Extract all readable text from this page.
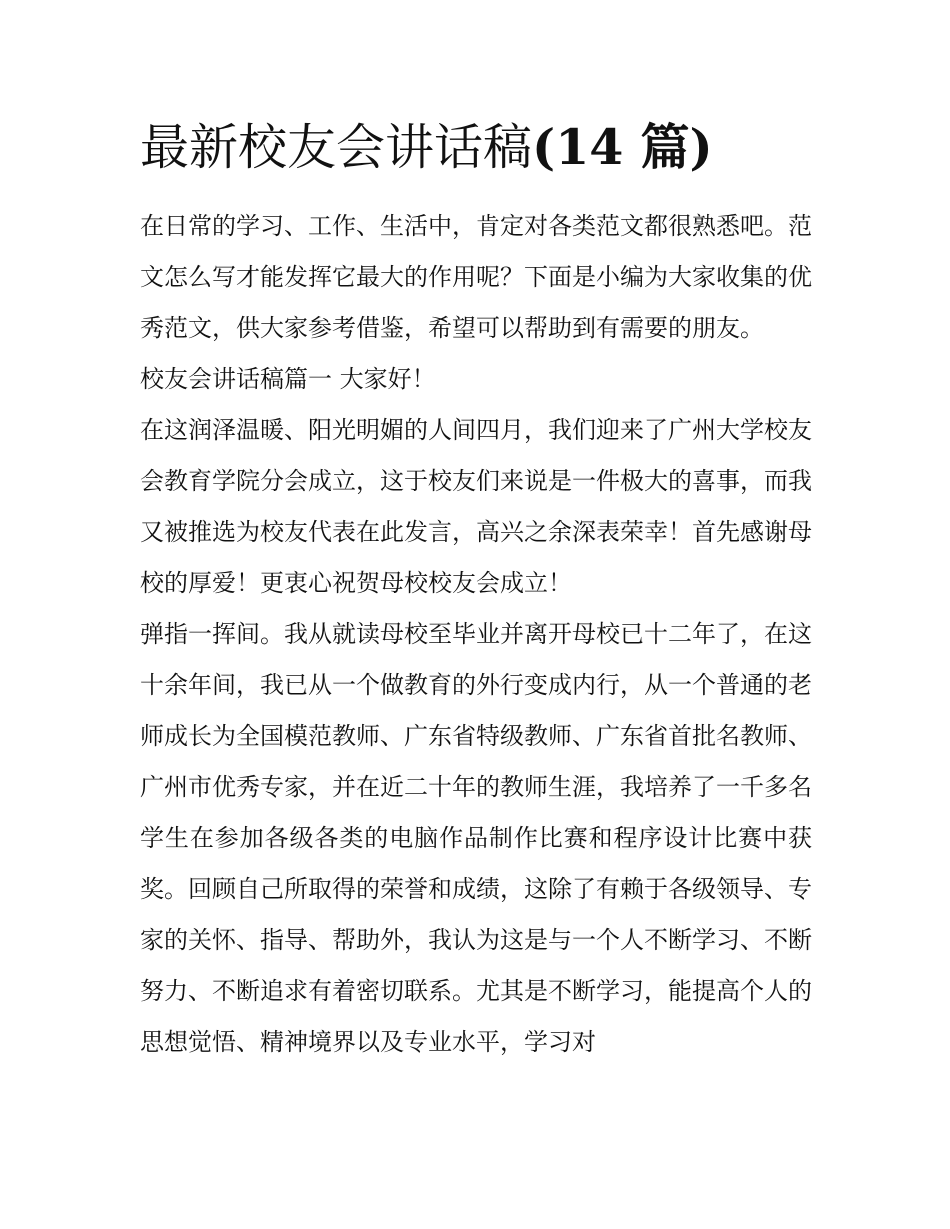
最新校友会讲话稿(14 篇)

在日常的学习、工作、生活中，肯定对各类范文都很熟悉吧。范文怎么写才能发挥它最大的作用呢？下面是小编为大家收集的优秀范文，供大家参考借鉴，希望可以帮助到有需要的朋友。

校友会讲话稿篇一 大家好！

在这润泽温暖、阳光明媚的人间四月，我们迎来了广州大学校友会教育学院分会成立，这于校友们来说是一件极大的喜事，而我又被推选为校友代表在此发言，高兴之余深表荣幸！首先感谢母校的厚爱！更衷心祝贺母校校友会成立！

弹指一挥间。我从就读母校至毕业并离开母校已十二年了，在这十余年间，我已从一个做教育的外行变成内行，从一个普通的老师成长为全国模范教师、广东省特级教师、广东省首批名教师、广州市优秀专家，并在近二十年的教师生涯，我培养了一千多名学生在参加各级各类的电脑作品制作比赛和程序设计比赛中获奖。回顾自己所取得的荣誉和成绩，这除了有赖于各级领导、专家的关怀、指导、帮助外，我认为这是与一个人不断学习、不断努力、不断追求有着密切联系。尤其是不断学习，能提高个人的思想觉悟、精神境界以及专业水平，学习对
